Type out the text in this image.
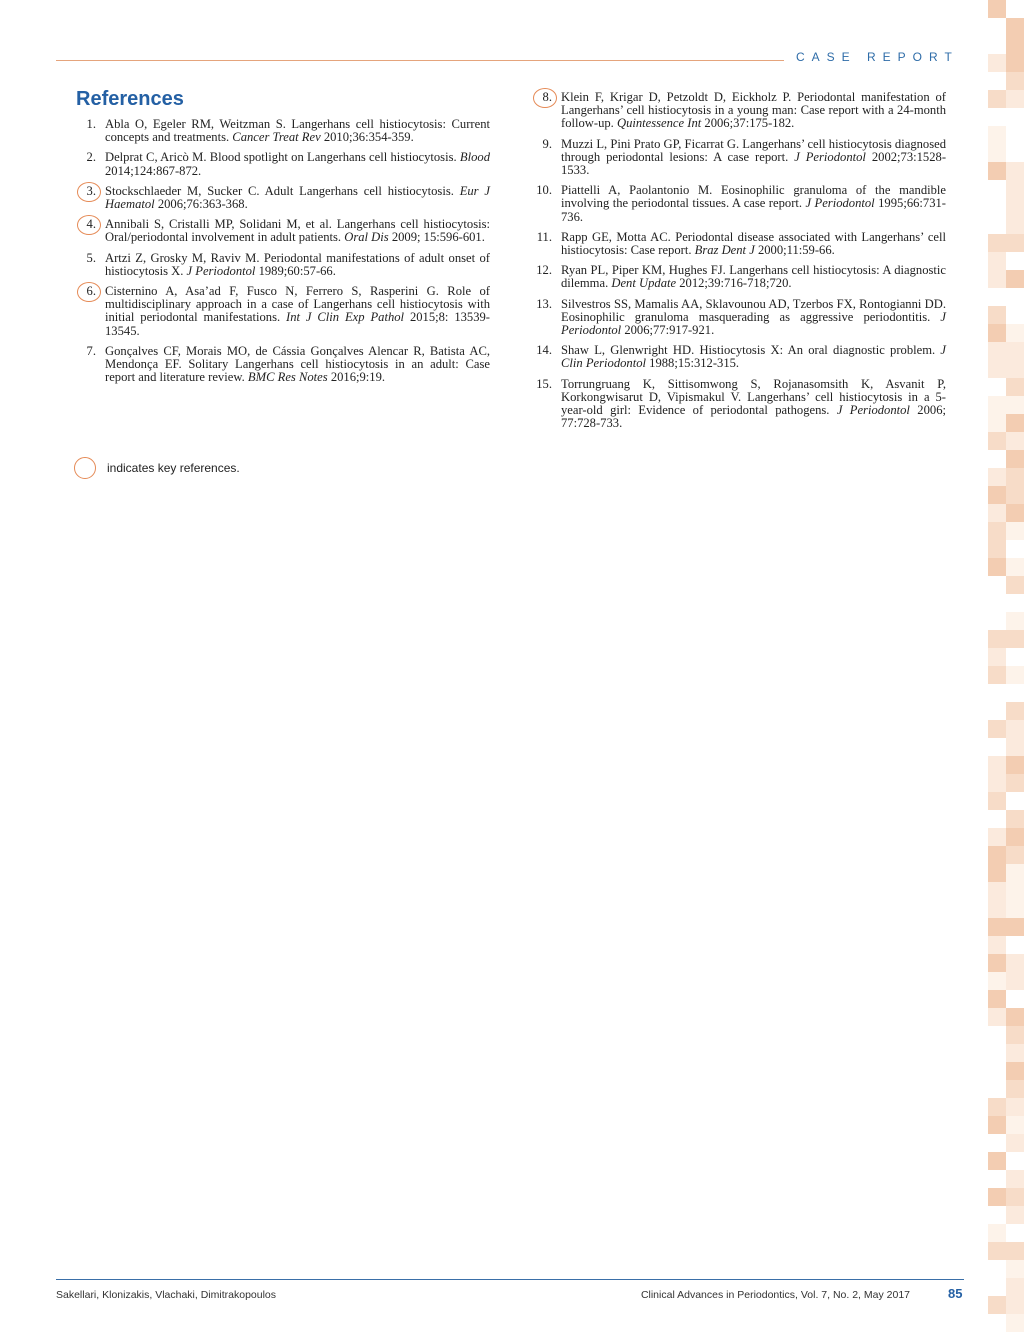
CASE REPORT
References
1. Abla O, Egeler RM, Weitzman S. Langerhans cell histiocytosis: Current concepts and treatments. Cancer Treat Rev 2010;36:354-359.
2. Delprat C, Aricò M. Blood spotlight on Langerhans cell histiocytosis. Blood 2014;124:867-872.
3. Stockschlaeder M, Sucker C. Adult Langerhans cell histiocytosis. Eur J Haematol 2006;76:363-368.
4. Annibali S, Cristalli MP, Solidani M, et al. Langerhans cell histiocytosis: Oral/periodontal involvement in adult patients. Oral Dis 2009; 15:596-601.
5. Artzi Z, Grosky M, Raviv M. Periodontal manifestations of adult onset of histiocytosis X. J Periodontol 1989;60:57-66.
6. Cisternino A, Asa’ad F, Fusco N, Ferrero S, Rasperini G. Role of multidisciplinary approach in a case of Langerhans cell histiocytosis with initial periodontal manifestations. Int J Clin Exp Pathol 2015;8: 13539-13545.
7. Gonçalves CF, Morais MO, de Cássia Gonçalves Alencar R, Batista AC, Mendonça EF. Solitary Langerhans cell histiocytosis in an adult: Case report and literature review. BMC Res Notes 2016;9:19.
8. Klein F, Krigar D, Petzoldt D, Eickholz P. Periodontal manifestation of Langerhans’ cell histiocytosis in a young man: Case report with a 24-month follow-up. Quintessence Int 2006;37:175-182.
9. Muzzi L, Pini Prato GP, Ficarrat G. Langerhans’ cell histiocytosis diagnosed through periodontal lesions: A case report. J Periodontol 2002;73:1528-1533.
10. Piattelli A, Paolantonio M. Eosinophilic granuloma of the mandible involving the periodontal tissues. A case report. J Periodontol 1995;66:731-736.
11. Rapp GE, Motta AC. Periodontal disease associated with Langerhans’ cell histiocytosis: Case report. Braz Dent J 2000;11:59-66.
12. Ryan PL, Piper KM, Hughes FJ. Langerhans cell histiocytosis: A diagnostic dilemma. Dent Update 2012;39:716-718;720.
13. Silvestros SS, Mamalis AA, Sklavounou AD, Tzerbos FX, Rontogianni DD. Eosinophilic granuloma masquerading as aggressive periodontitis. J Periodontol 2006;77:917-921.
14. Shaw L, Glenwright HD. Histiocytosis X: An oral diagnostic problem. J Clin Periodontol 1988;15:312-315.
15. Torrungruang K, Sittisomwong S, Rojanasomsith K, Asvanit P, Korkongwisarut D, Vipismakul V. Langerhans’ cell histiocytosis in a 5-year-old girl: Evidence of periodontal pathogens. J Periodontol 2006; 77:728-733.
indicates key references.
Sakellari, Klonizakis, Vlachaki, Dimitrakopoulos	Clinical Advances in Periodontics, Vol. 7, No. 2, May 2017	85
